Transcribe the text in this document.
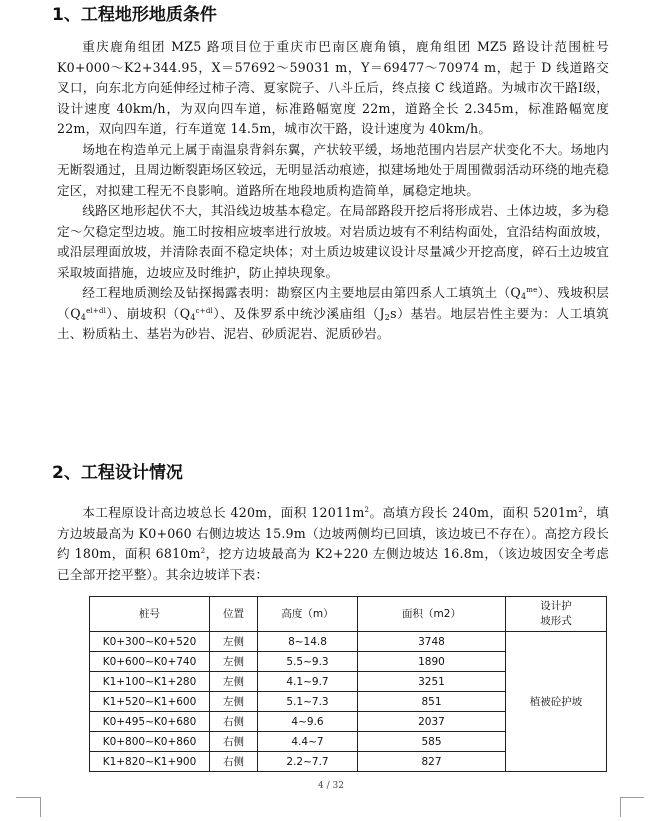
1、工程地形地质条件

重庆鹿角组团 MZ5 路项目位于重庆市巴南区鹿角镇，鹿角组团 MZ5 路设计范围桩号 K0+000～K2+344.95，X＝57692～59031 m，Y＝69477～70974 m，起于 D 线道路交叉口，向东北方向延伸经过柿子湾、夏家院子、八斗丘后，终点接 C 线道路。为城市次干路Ⅰ级，设计速度 40km/h，为双向四车道，标准路幅宽度 22m，道路全长 2.345m，标准路幅宽度 22m，双向四车道，行车道宽 14.5m，城市次干路，设计速度为 40km/h。

场地在构造单元上属于南温泉背斜东翼，产状较平缓，场地范围内岩层产状变化不大。场地内无断裂通过，且周边断裂距场区较远，无明显活动痕迹，拟建场地处于周围微弱活动环绕的地壳稳定区，对拟建工程无不良影响。道路所在地段地质构造简单，属稳定地块。

线路区地形起伏不大，其沿线边坡基本稳定。在局部路段开挖后将形成岩、土体边坡，多为稳定～欠稳定型边坡。施工时按相应坡率进行放坡。对岩质边坡有不利结构面处，宜沿结构面放坡，或沿层理面放坡，并清除表面不稳定块体；对土质边坡建议设计尽量减少开挖高度，碎石土边坡宜采取坡面措施，边坡应及时维护，防止掉块现象。

经工程地质测绘及钻探揭露表明：勘察区内主要地层由第四系人工填筑土$(Q_4^{me})$、残坡积层$(Q_4^{el+dl})$、崩坡积$(Q_4^{c+dl})$、及侏罗系中统沙溪庙组$(J_2s)$基岩。地层岩性主要为：人工填筑土、粉质粘土、基岩为砂岩、泥岩、砂质泥岩、泥质砂岩。

2、工程设计情况

本工程原设计高边坡总长 420m，面积 $12011m^2$。高填方段长 240m，面积 $5201m^2$，填方边坡最高为 K0+060 右侧边坡达 15.9m（边坡两侧均已回填，该边坡已不存在）。高挖方段长约 180m，面积 $6810m^2$，挖方边坡最高为 K2+220 左侧边坡达 16.8m，（该边坡因安全考虑已全部开挖平整）。其余边坡详下表：

桩号	位置	高度（m）	面积（m2）	设计护
坡形式
K0+300~K0+520	左侧	8~14.8	3748	植被砼护坡
K0+600~K0+740	左侧	5.5~9.3	1890	
K1+100~K1+280	左侧	4.1~9.7	3251	
K1+520~K1+600	左侧	5.1~7.3	851	
K0+495~K0+680	右侧	4~9.6	2037	
K0+800~K0+860	右侧	4.4~7	585	
K1+820~K1+900	右侧	2.2~7.7	827	
4 / 32
